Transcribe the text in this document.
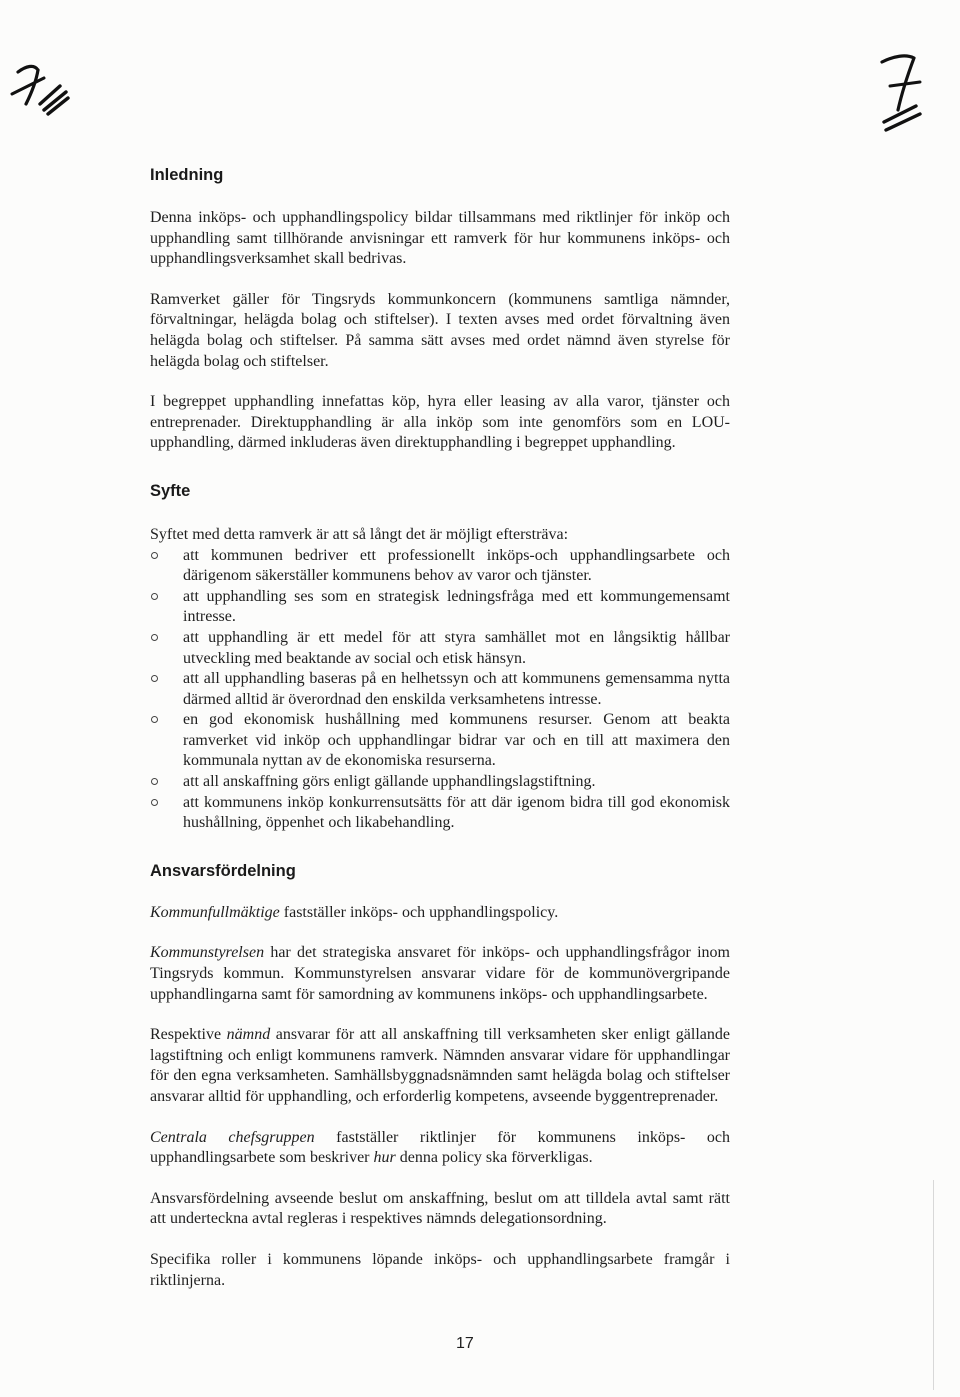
Inledning

Denna inköps- och upphandlingspolicy bildar tillsammans med riktlinjer för inköp och upphandling samt tillhörande anvisningar ett ramverk för hur kommunens inköps- och upphandlingsverksamhet skall bedrivas.

Ramverket gäller för Tingsryds kommunkoncern (kommunens samtliga nämnder, förvaltningar, helägda bolag och stiftelser). I texten avses med ordet förvaltning även helägda bolag och stiftelser. På samma sätt avses med ordet nämnd även styrelse för helägda bolag och stiftelser.

I begreppet upphandling innefattas köp, hyra eller leasing av alla varor, tjänster och entreprenader. Direktupphandling är alla inköp som inte genomförs som en LOU-upphandling, därmed inkluderas även direktupphandling i begreppet upphandling.

Syfte

Syftet med detta ramverk är att så långt det är möjligt eftersträva:

att kommunen bedriver ett professionellt inköps-och upphandlingsarbete och därigenom säkerställer kommunens behov av varor och tjänster.
att upphandling ses som en strategisk ledningsfråga med ett kommungemensamt intresse.
att upphandling är ett medel för att styra samhället mot en långsiktig hållbar utveckling med beaktande av social och etisk hänsyn.
att all upphandling baseras på en helhetssyn och att kommunens gemensamma nytta därmed alltid är överordnad den enskilda verksamhetens intresse.
en god ekonomisk hushållning med kommunens resurser. Genom att beakta ramverket vid inköp och upphandlingar bidrar var och en till att maximera den kommunala nyttan av de ekonomiska resurserna.
att all anskaffning görs enligt gällande upphandlingslagstiftning.
att kommunens inköp konkurrensutsätts för att där igenom bidra till god ekonomisk hushållning, öppenhet och likabehandling.
Ansvarsfördelning

Kommunfullmäktige fastställer inköps- och upphandlingspolicy.

Kommunstyrelsen har det strategiska ansvaret för inköps- och upphandlingsfrågor inom Tingsryds kommun. Kommunstyrelsen ansvarar vidare för de kommunövergripande upphandlingarna samt för samordning av kommunens inköps- och upphandlingsarbete.

Respektive nämnd ansvarar för att all anskaffning till verksamheten sker enligt gällande lagstiftning och enligt kommunens ramverk. Nämnden ansvarar vidare för upphandlingar för den egna verksamheten. Samhällsbyggnadsnämnden samt helägda bolag och stiftelser ansvarar alltid för upphandling, och erforderlig kompetens, avseende byggentreprenader.

Centrala chefsgruppen fastställer riktlinjer för kommunens inköps- och upphandlingsarbete som beskriver hur denna policy ska förverkligas.

Ansvarsfördelning avseende beslut om anskaffning, beslut om att tilldela avtal samt rätt att underteckna avtal regleras i respektives nämnds delegationsordning.

Specifika roller i kommunens löpande inköps- och upphandlingsarbete framgår i riktlinjerna.

17
